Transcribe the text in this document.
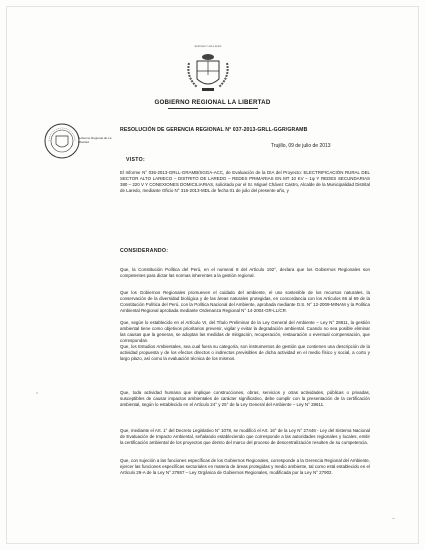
REPÚBLICA DEL PERÚ
GOBIERNO REGIONAL LA LIBERTAD
Gobierno Regional de La Libertad
RESOLUCIÓN DE GERENCIA REGIONAL N° 037-2013-GRLL-GGR/GRAMB
Trujillo, 09 de julio de 2013
VISTO:

El Informe N° 036-2013-GRLL-GRAMB/SGGA-ACC, de Evaluación de la DIA del Proyecto: ELECTRIFICACIÓN RURAL DEL SECTOR ALTO LARIECO – DISTRITO DE LAREDO – REDES PRIMARIAS EN MT 10 KV – 1φ Y REDES SECUNDARIAS 380 – 220 V Y CONEXIONES DOMICILIARIAS, solicitado por el Sr. Miguel Chávez Castro, Alcalde de la Municipalidad Distrital de Laredo, mediante Oficio N° 316-2013-MDL de fecha 01 de julio del presente año, y

CONSIDERANDO:

Que, la Constitución Política del Perú, en el numeral 8 del Artículo 192°, declara que los Gobiernos Regionales son competentes para dictar las normas inherentes a la gestión regional.

Que los Gobiernos Regionales promueven el cuidado del ambiente, el uso sostenible de los recursos naturales, la conservación de la diversidad biológica y de las áreas naturales protegidas, en concordancia con los Artículos 66 al 69 de la Constitución Política del Perú, con la Política Nacional del Ambiente, aprobada mediante D.S. N° 12-2009-MINAM y la Política Ambiental Regional aprobada mediante Ordenanza Regional N° 14-2004-GR-LL/CR.

Que, según lo establecido en el Artículo VI, del Título Preliminar de la Ley General del Ambiente – Ley N° 28611, la gestión ambiental tiene como objetivos prioritarios prevenir, vigilar y evitar la degradación ambiental. Cuando no sea posible eliminar las causas que la generan, se adoptan las medidas de mitigación, recuperación, restauración o eventual compensación, que correspondan.

Que, los Estudios Ambientales, sea cual fuera su categoría, son instrumentos de gestión que contienen una descripción de la actividad propuesta y de los efectos directos o indirectos previsibles de dicha actividad en el medio físico y social, a corto y largo plazo, así como la evaluación técnica de los mismos.

Que, toda actividad humana que implique construcciones, obras, servicios y otras actividades, públicas o privadas, susceptibles de causar impactos ambientales de carácter significativo, debe cumplir con la presentación de la certificación ambiental, según lo establecido en el Artículo 24° y 25° de la Ley General del Ambiente – Ley N° 28611.

Que, mediante el Art. 1° del Decreto Legislativo N° 1078, se modificó el Art. 16° de la Ley N° 27446 - Ley del Sistema Nacional de Evaluación de Impacto Ambiental, señalando estableciendo que corresponde a las autoridades regionales y locales, emitir la certificación ambiental de los proyectos que dentro del marco del proceso de descentralización resulten de su competencia.

Que, con sujeción a las funciones específicas de los Gobiernos Regionales, corresponde a la Gerencia Regional del Ambiente, ejercer las funciones específicas sectoriales en materia de áreas protegidas y medio ambiente, tal como está establecido en el Artículo 29-A de la Ley N° 27867 – Ley Orgánica de Gobiernos Regionales, modificada por la Ley N° 27902.
